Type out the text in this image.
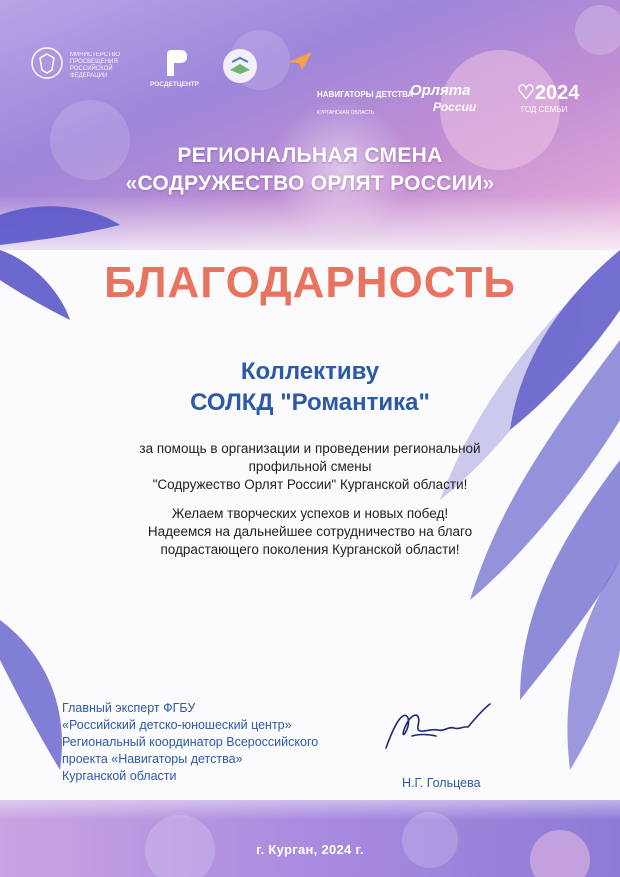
МИНИСТЕРСТВО ПРОСВЕЩЕНИЯ РОССИЙСКОЙ ФЕДЕРАЦИИ
РОСДЕТЦЕНТР
НАВИГАТОРЫ ДЕТСТВА
КУРГАНСКАЯ ОБЛАСТЬ
Орлята
России
♡2024
ГОД СЕМЬИ
РЕГИОНАЛЬНАЯ СМЕНА
«СОДРУЖЕСТВО ОРЛЯТ РОССИИ»
БЛАГОДАРНОСТЬ
Коллективу
СОЛКД "Романтика"

за помощь в организации и проведении региональной
профильной смены
"Содружество Орлят России" Курганской области!

Желаем творческих успехов и новых побед!
Надеемся на дальнейшее сотрудничество на благо
подрастающего поколения Курганской области!

Главный эксперт ФГБУ
«Российский детско-юношеский центр»
Региональный координатор Всероссийского
проекта «Навигаторы детства»
Курганской области	Н.Г. Гольцева
г. Курган, 2024 г.
